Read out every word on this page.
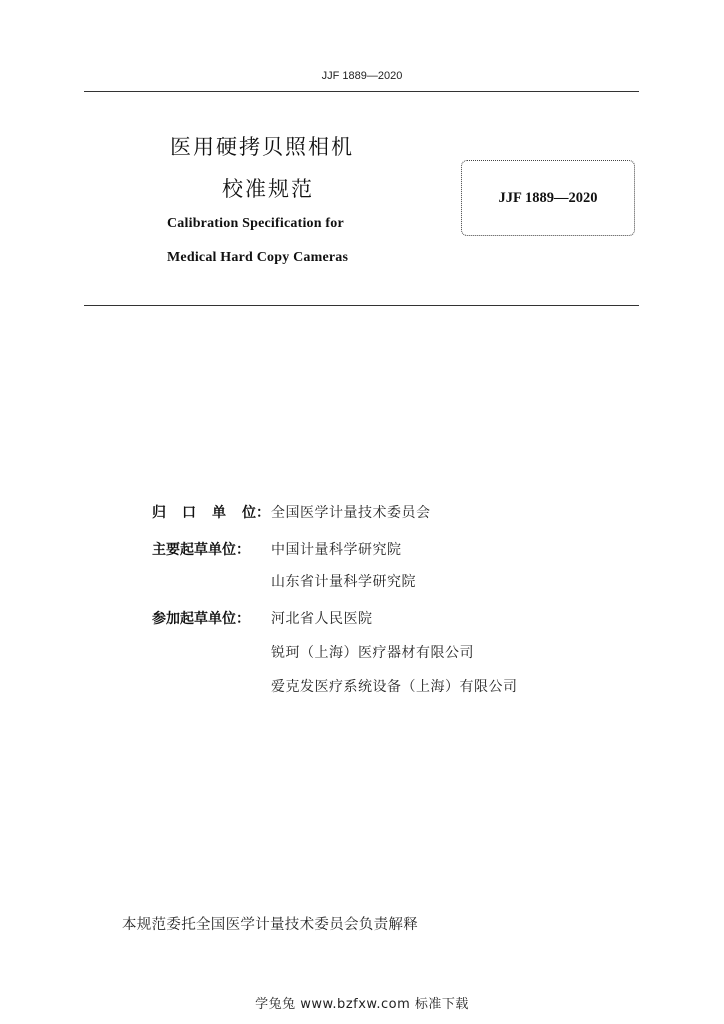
JJF 1889—2020
医用硬拷贝照相机
校准规范
Calibration Specification for
Medical Hard Copy Cameras
JJF 1889—2020
归 口 单 位： 全国医学计量技术委员会
主要起草单位：	中国计量科学研究院
山东省计量科学研究院
参加起草单位：	河北省人民医院
锐珂（上海）医疗器材有限公司
爱克发医疗系统设备（上海）有限公司
本规范委托全国医学计量技术委员会负责解释
学兔兔 www.bzfxw.com 标准下载
